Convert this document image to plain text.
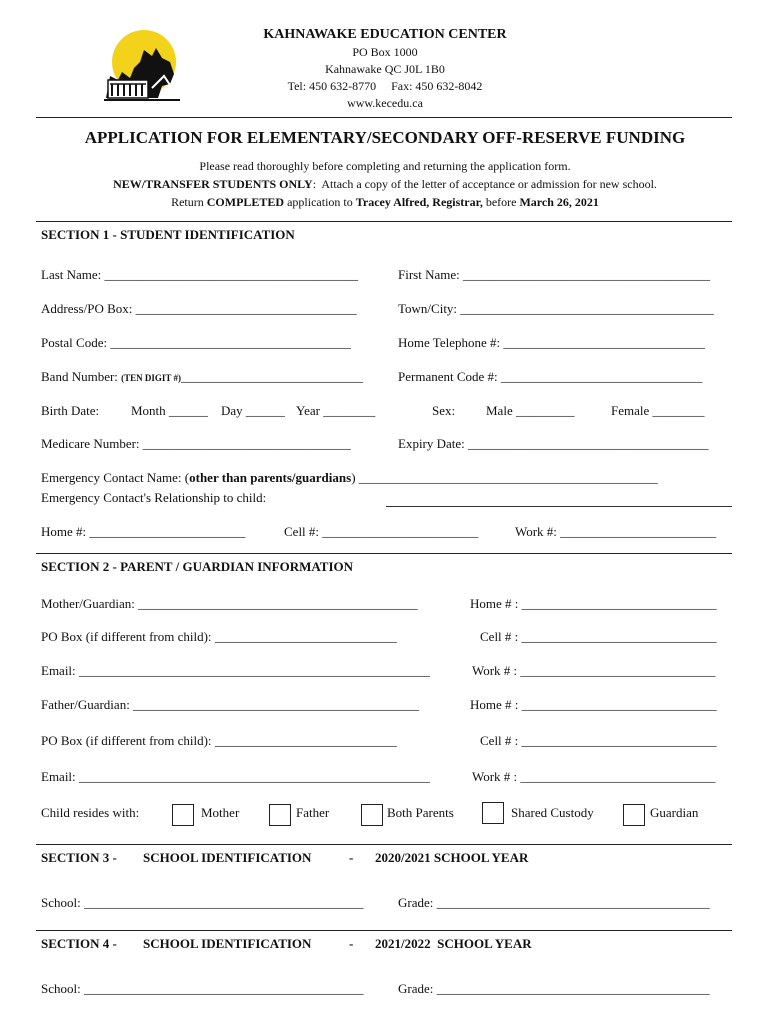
KAHNAWAKE EDUCATION CENTER
PO Box 1000
Kahnawake QC J0L 1B0
Tel: 450 632-8770     Fax: 450 632-8042
www.kecedu.ca
APPLICATION FOR ELEMENTARY/SECONDARY OFF-RESERVE FUNDING
Please read thoroughly before completing and returning the application form.
NEW/TRANSFER STUDENTS ONLY:  Attach a copy of the letter of acceptance or admission for new school.
Return COMPLETED application to Tracey Alfred, Registrar, before March 26, 2021
SECTION 1 - STUDENT IDENTIFICATION
Last Name: _______________________________________	First Name: ______________________________________
Address/PO Box: __________________________________	Town/City: _______________________________________
Postal Code: _____________________________________	Home Telephone #: _______________________________
Band Number: (TEN DIGIT #)____________________________	Permanent Code #: _______________________________
Birth Date: Month ______ Day ______ Year ________	Sex: Male _________	Female ________
Medicare Number: ________________________________	Expiry Date: _____________________________________
Emergency Contact Name: (other than parents/guardians) ______________________________________________
Emergency Contact's Relationship to child:
Home #: ________________________	Cell #: ________________________	Work #: ________________________
SECTION 2 - PARENT / GUARDIAN INFORMATION
Mother/Guardian: ___________________________________________	Home # : ______________________________
PO Box (if different from child): ____________________________	Cell # : ______________________________
Email: ______________________________________________________	Work # : ______________________________
Father/Guardian: ____________________________________________	Home # : ______________________________
PO Box (if different from child): ____________________________	Cell # : ______________________________
Email: ______________________________________________________	Work # : ______________________________
Child resides with:	Mother	Father	Both Parents	Shared Custody	Guardian
SECTION 3 - SCHOOL IDENTIFICATION	- 2020/2021 SCHOOL YEAR
School: ___________________________________________	Grade: __________________________________________
SECTION 4 - SCHOOL IDENTIFICATION	- 2021/2022  SCHOOL YEAR
School: ___________________________________________	Grade: __________________________________________
